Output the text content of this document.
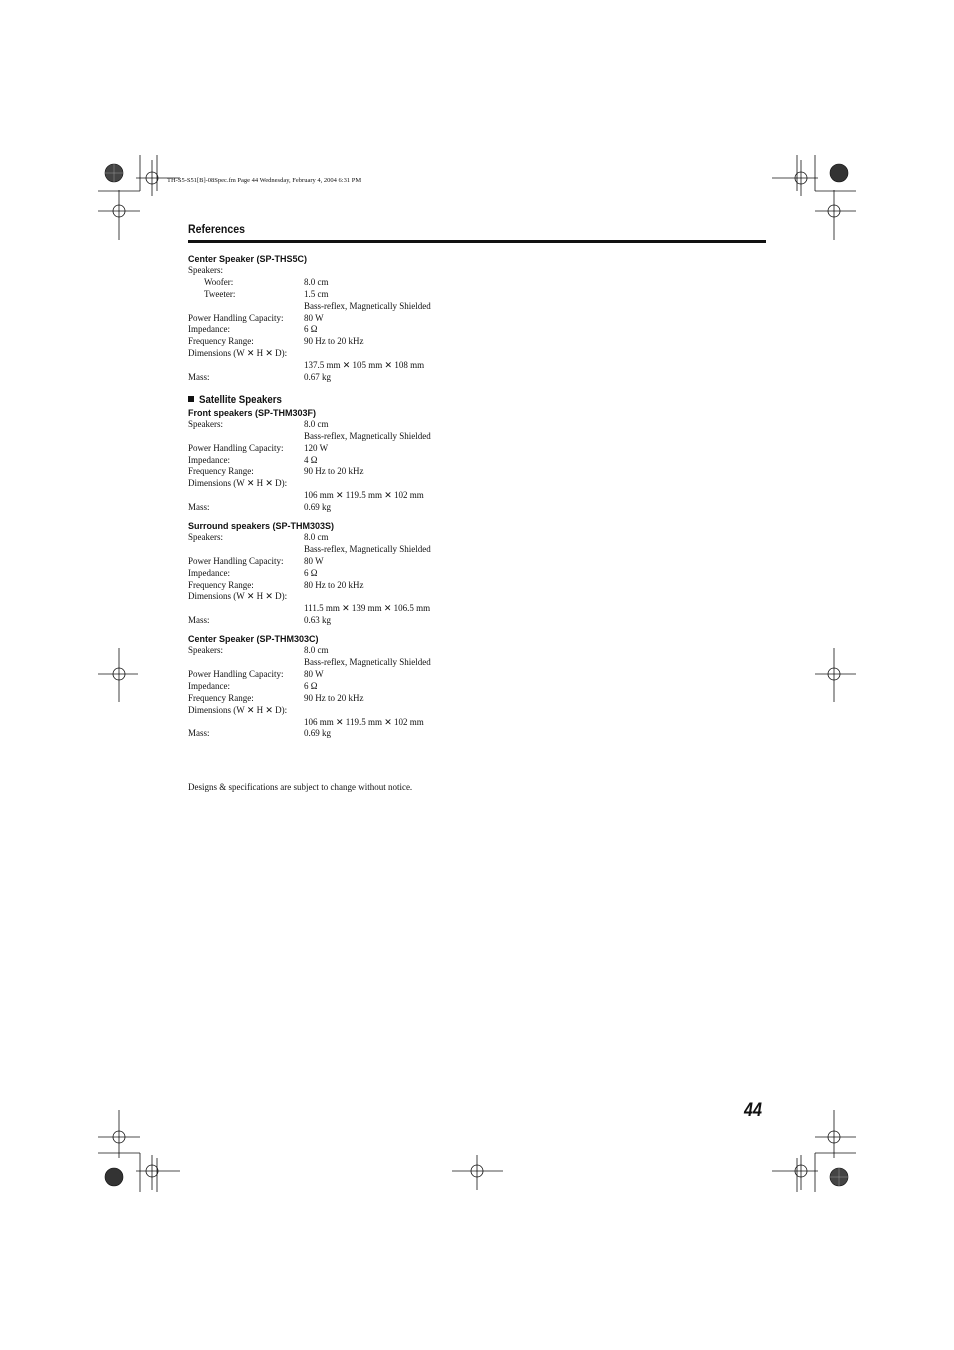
TH-S5-S51[B]-08Spec.fm Page 44 Wednesday, February 4, 2004 6:31 PM
References
Center Speaker (SP-THS5C)
Speakers:
Woofer:	8.0 cm
Tweeter:	1.5 cm
Bass-reflex, Magnetically Shielded
Power Handling Capacity: 80 W
Impedance:	6 Ω
Frequency Range:	90 Hz to 20 kHz
Dimensions (W ✕ H ✕ D):
137.5 mm ✕ 105 mm ✕ 108 mm
Mass:	0.67 kg
Satellite Speakers
Front speakers (SP-THM303F)
Speakers:	8.0 cm
Bass-reflex, Magnetically Shielded
Power Handling Capacity: 120 W
Impedance:	4 Ω
Frequency Range:	90 Hz to 20 kHz
Dimensions (W ✕ H ✕ D):
106 mm ✕ 119.5 mm ✕ 102 mm
Mass:	0.69 kg
Surround speakers (SP-THM303S)
Speakers:	8.0 cm
Bass-reflex, Magnetically Shielded
Power Handling Capacity: 80 W
Impedance:	6 Ω
Frequency Range:	80 Hz to 20 kHz
Dimensions (W ✕ H ✕ D):
111.5 mm ✕ 139 mm ✕ 106.5 mm
Mass:	0.63 kg
Center Speaker (SP-THM303C)
Speakers:	8.0 cm
Bass-reflex, Magnetically Shielded
Power Handling Capacity: 80 W
Impedance:	6 Ω
Frequency Range:	90 Hz to 20 kHz
Dimensions (W ✕ H ✕ D):
106 mm ✕ 119.5 mm ✕ 102 mm
Mass:	0.69 kg
Designs & specifications are subject to change without notice.
44
